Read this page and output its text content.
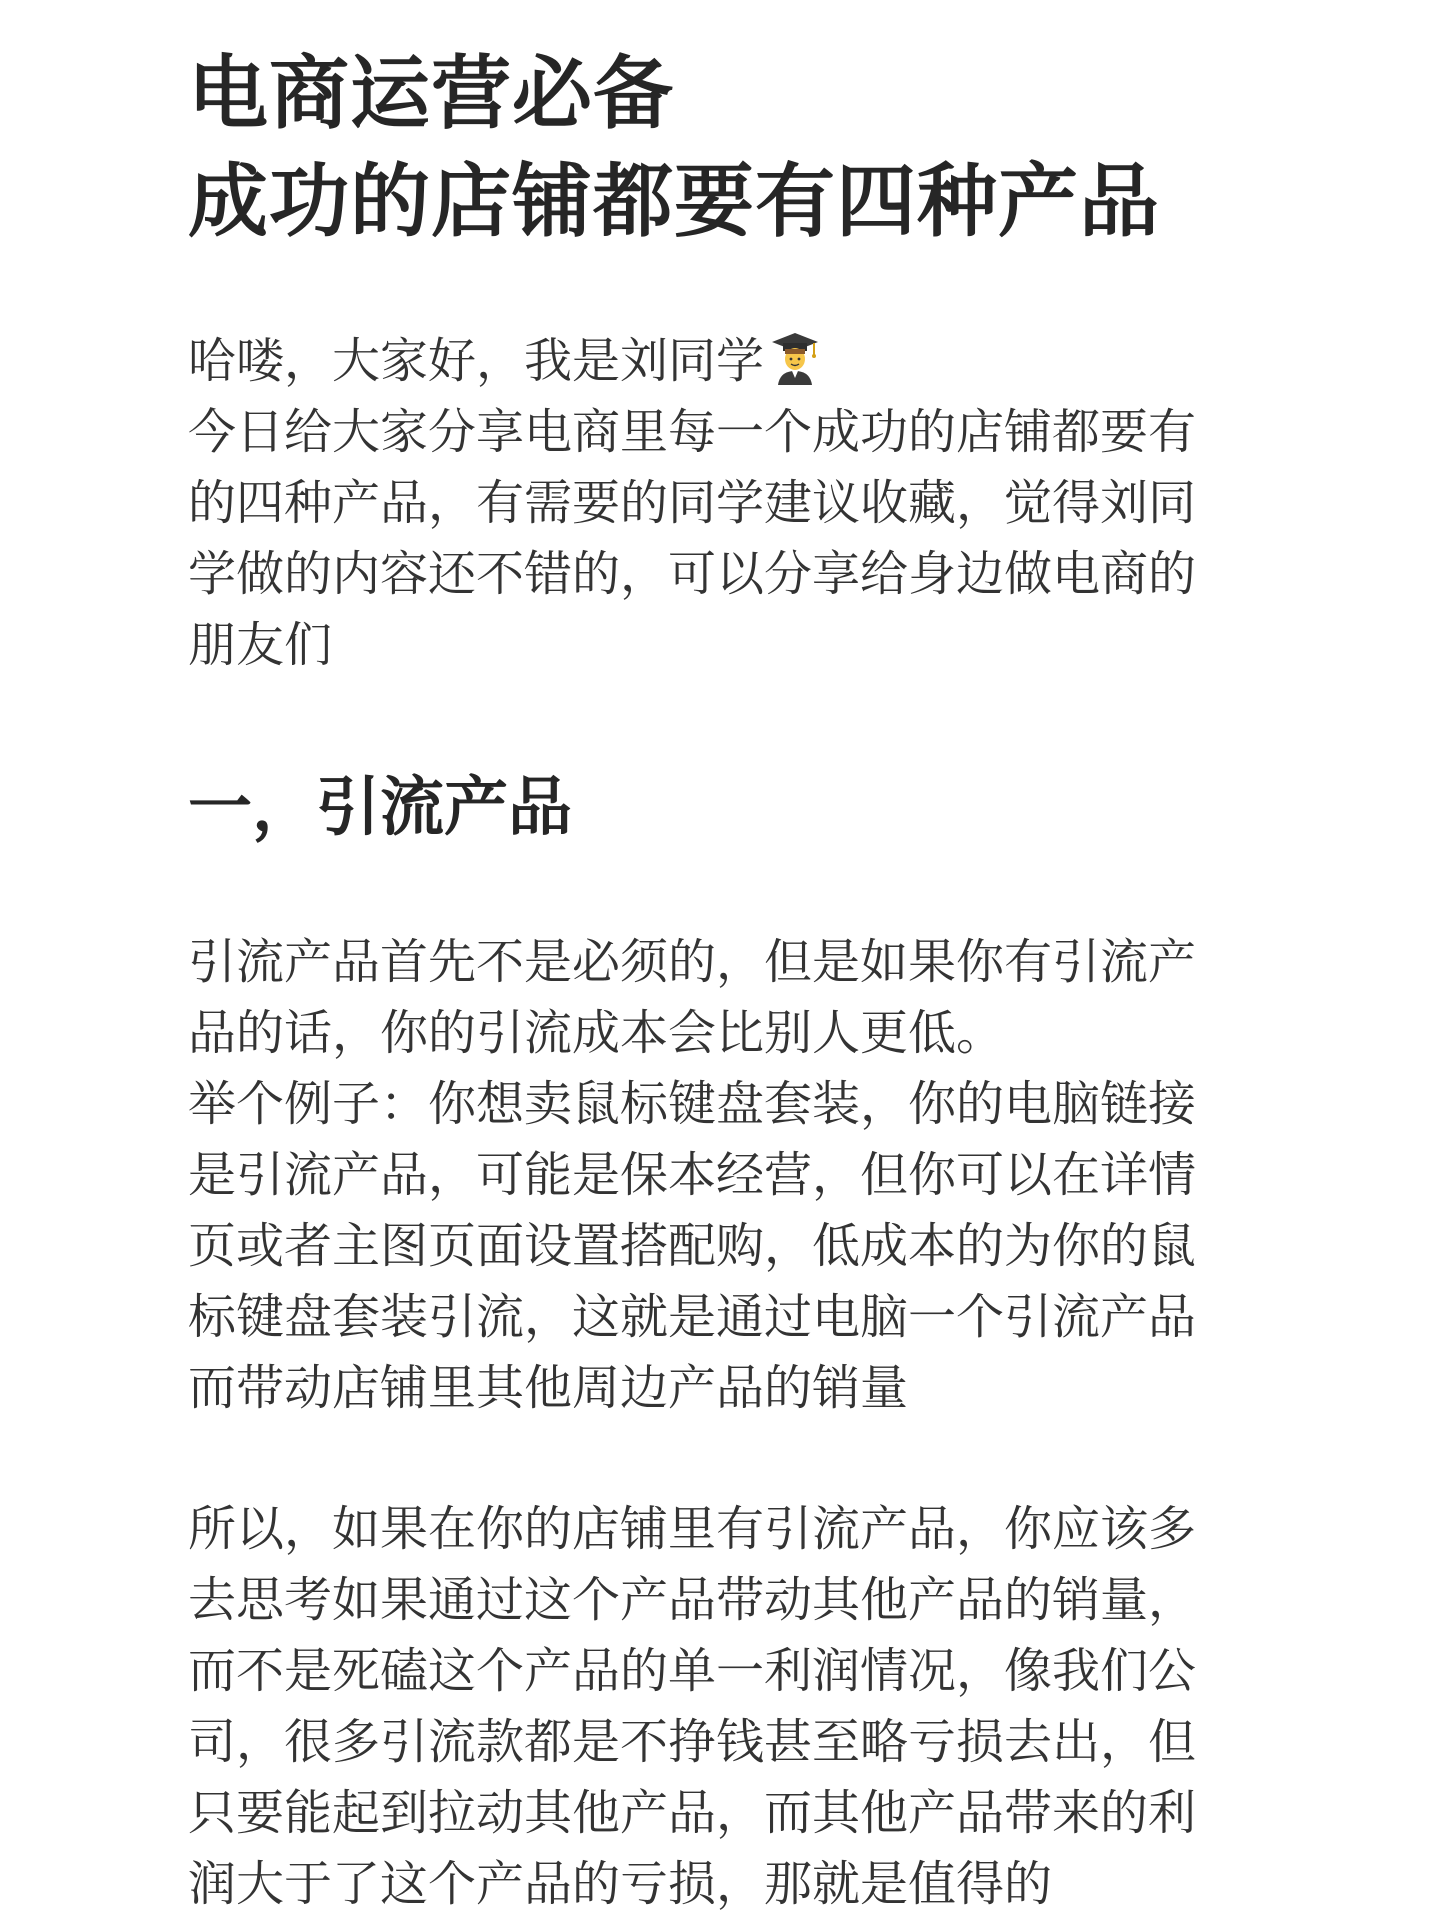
电商运营必备
成功的店铺都要有四种产品
哈喽，大家好，我是刘同学
今日给大家分享电商里每一个成功的店铺都要有
的四种产品，有需要的同学建议收藏，觉得刘同
学做的内容还不错的，可以分享给身边做电商的
朋友们
一，引流产品
引流产品首先不是必须的，但是如果你有引流产
品的话，你的引流成本会比别人更低。
举个例子：你想卖鼠标键盘套装，你的电脑链接
是引流产品，可能是保本经营，但你可以在详情
页或者主图页面设置搭配购，低成本的为你的鼠
标键盘套装引流，这就是通过电脑一个引流产品
而带动店铺里其他周边产品的销量
所以，如果在你的店铺里有引流产品，你应该多
去思考如果通过这个产品带动其他产品的销量，
而不是死磕这个产品的单一利润情况，像我们公
司，很多引流款都是不挣钱甚至略亏损去出，但
只要能起到拉动其他产品，而其他产品带来的利
润大于了这个产品的亏损，那就是值得的
